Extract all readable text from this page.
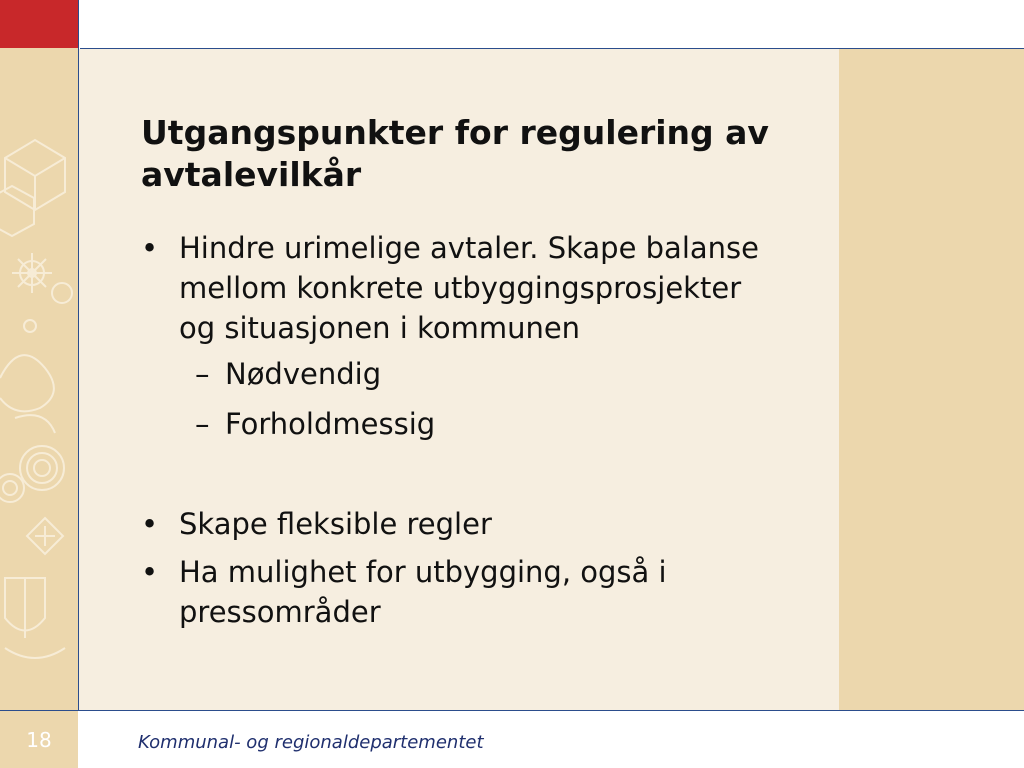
Utgangspunkter for regulering av avtalevilkår
• Hindre urimelige avtaler. Skape balanse mellom konkrete utbyggingsprosjekter og situasjonen i kommunen
– Nødvendig
– Forholdmessig
• Skape fleksible regler
• Ha mulighet for utbygging, også i pressområder
18	Kommunal- og regionaldepartementet
